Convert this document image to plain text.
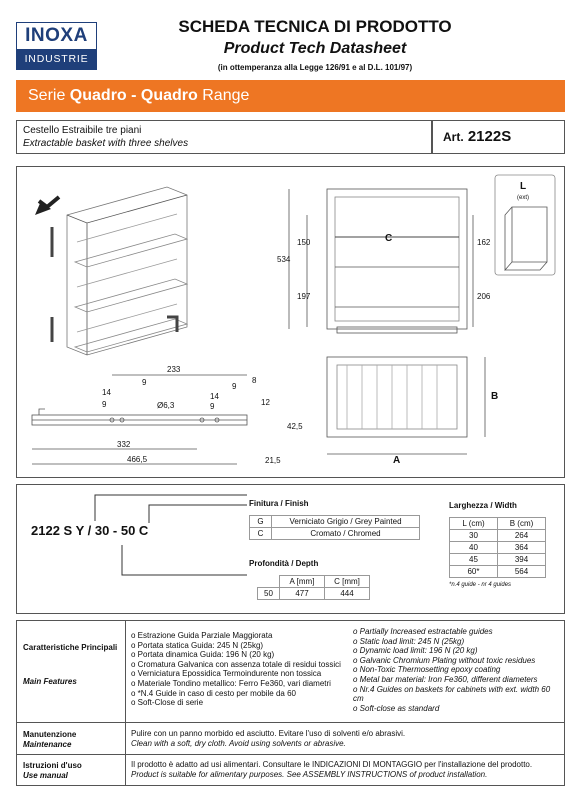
INOXA
INDUSTRIE
SCHEDA TECNICA DI PRODOTTO
Product Tech Datasheet
(in ottemperanza alla Legge 126/91 e al D.L. 101/97)
Serie Quadro - Quadro Range
Cestello Estraibile tre piani
Extractable basket with three shelves	Art. 2122S
233
9
14
9
9
8
14
9
Ø6,3	12
42,5
332
466,5	21,5
534
150
197
162
206
C
L
(ext)
A
B
2122 S Y / 30 - 50 C
Finitura / Finish
G	Verniciato Grigio / Grey Painted
C	Cromato / Chromed
Profondità / Depth
	A [mm]	C [mm]
50	477	444
Larghezza / Width
L (cm)	B (cm)
30	264
40	364
45	394
60*	564
*n.4 guide - nr 4 guides
Caratteristiche Principali
Main Features
o Estrazione Guida Parziale Maggiorata
o Portata statica Guida: 245 N (25kg)
o Portata dinamica Guida: 196 N (20 kg)
o Cromatura Galvanica con assenza totale di residui tossici
o Verniciatura Epossidica Termoindurente non tossica
o Materiale Tondino metallico: Ferro Fe360, vari diametri
o *N.4 Guide in caso di cesto per mobile da 60
o Soft-Close di serie
o Partially Increased estractable guides
o Static load limit: 245 N (25kg)
o Dynamic load limit: 196 N (20 kg)
o Galvanic Chromium Plating without toxic residues
o Non-Toxic Thermosetting epoxy coating
o Metal bar material: Iron Fe360, different diameters
o Nr.4 Guides on baskets for cabinets with ext. width 60 cm
o Soft-close as standard
Manutenzione
Maintenance
Pulire con un panno morbido ed asciutto. Evitare l'uso di solventi e/o abrasivi.
Clean with a soft, dry cloth. Avoid using solvents or abrasive.
Istruzioni d'uso
Use manual
Il prodotto è adatto ad usi alimentari. Consultare le INDICAZIONI DI MONTAGGIO per l'installazione del prodotto.
Product is suitable for alimentary purposes. See ASSEMBLY INSTRUCTIONS of product installation.
